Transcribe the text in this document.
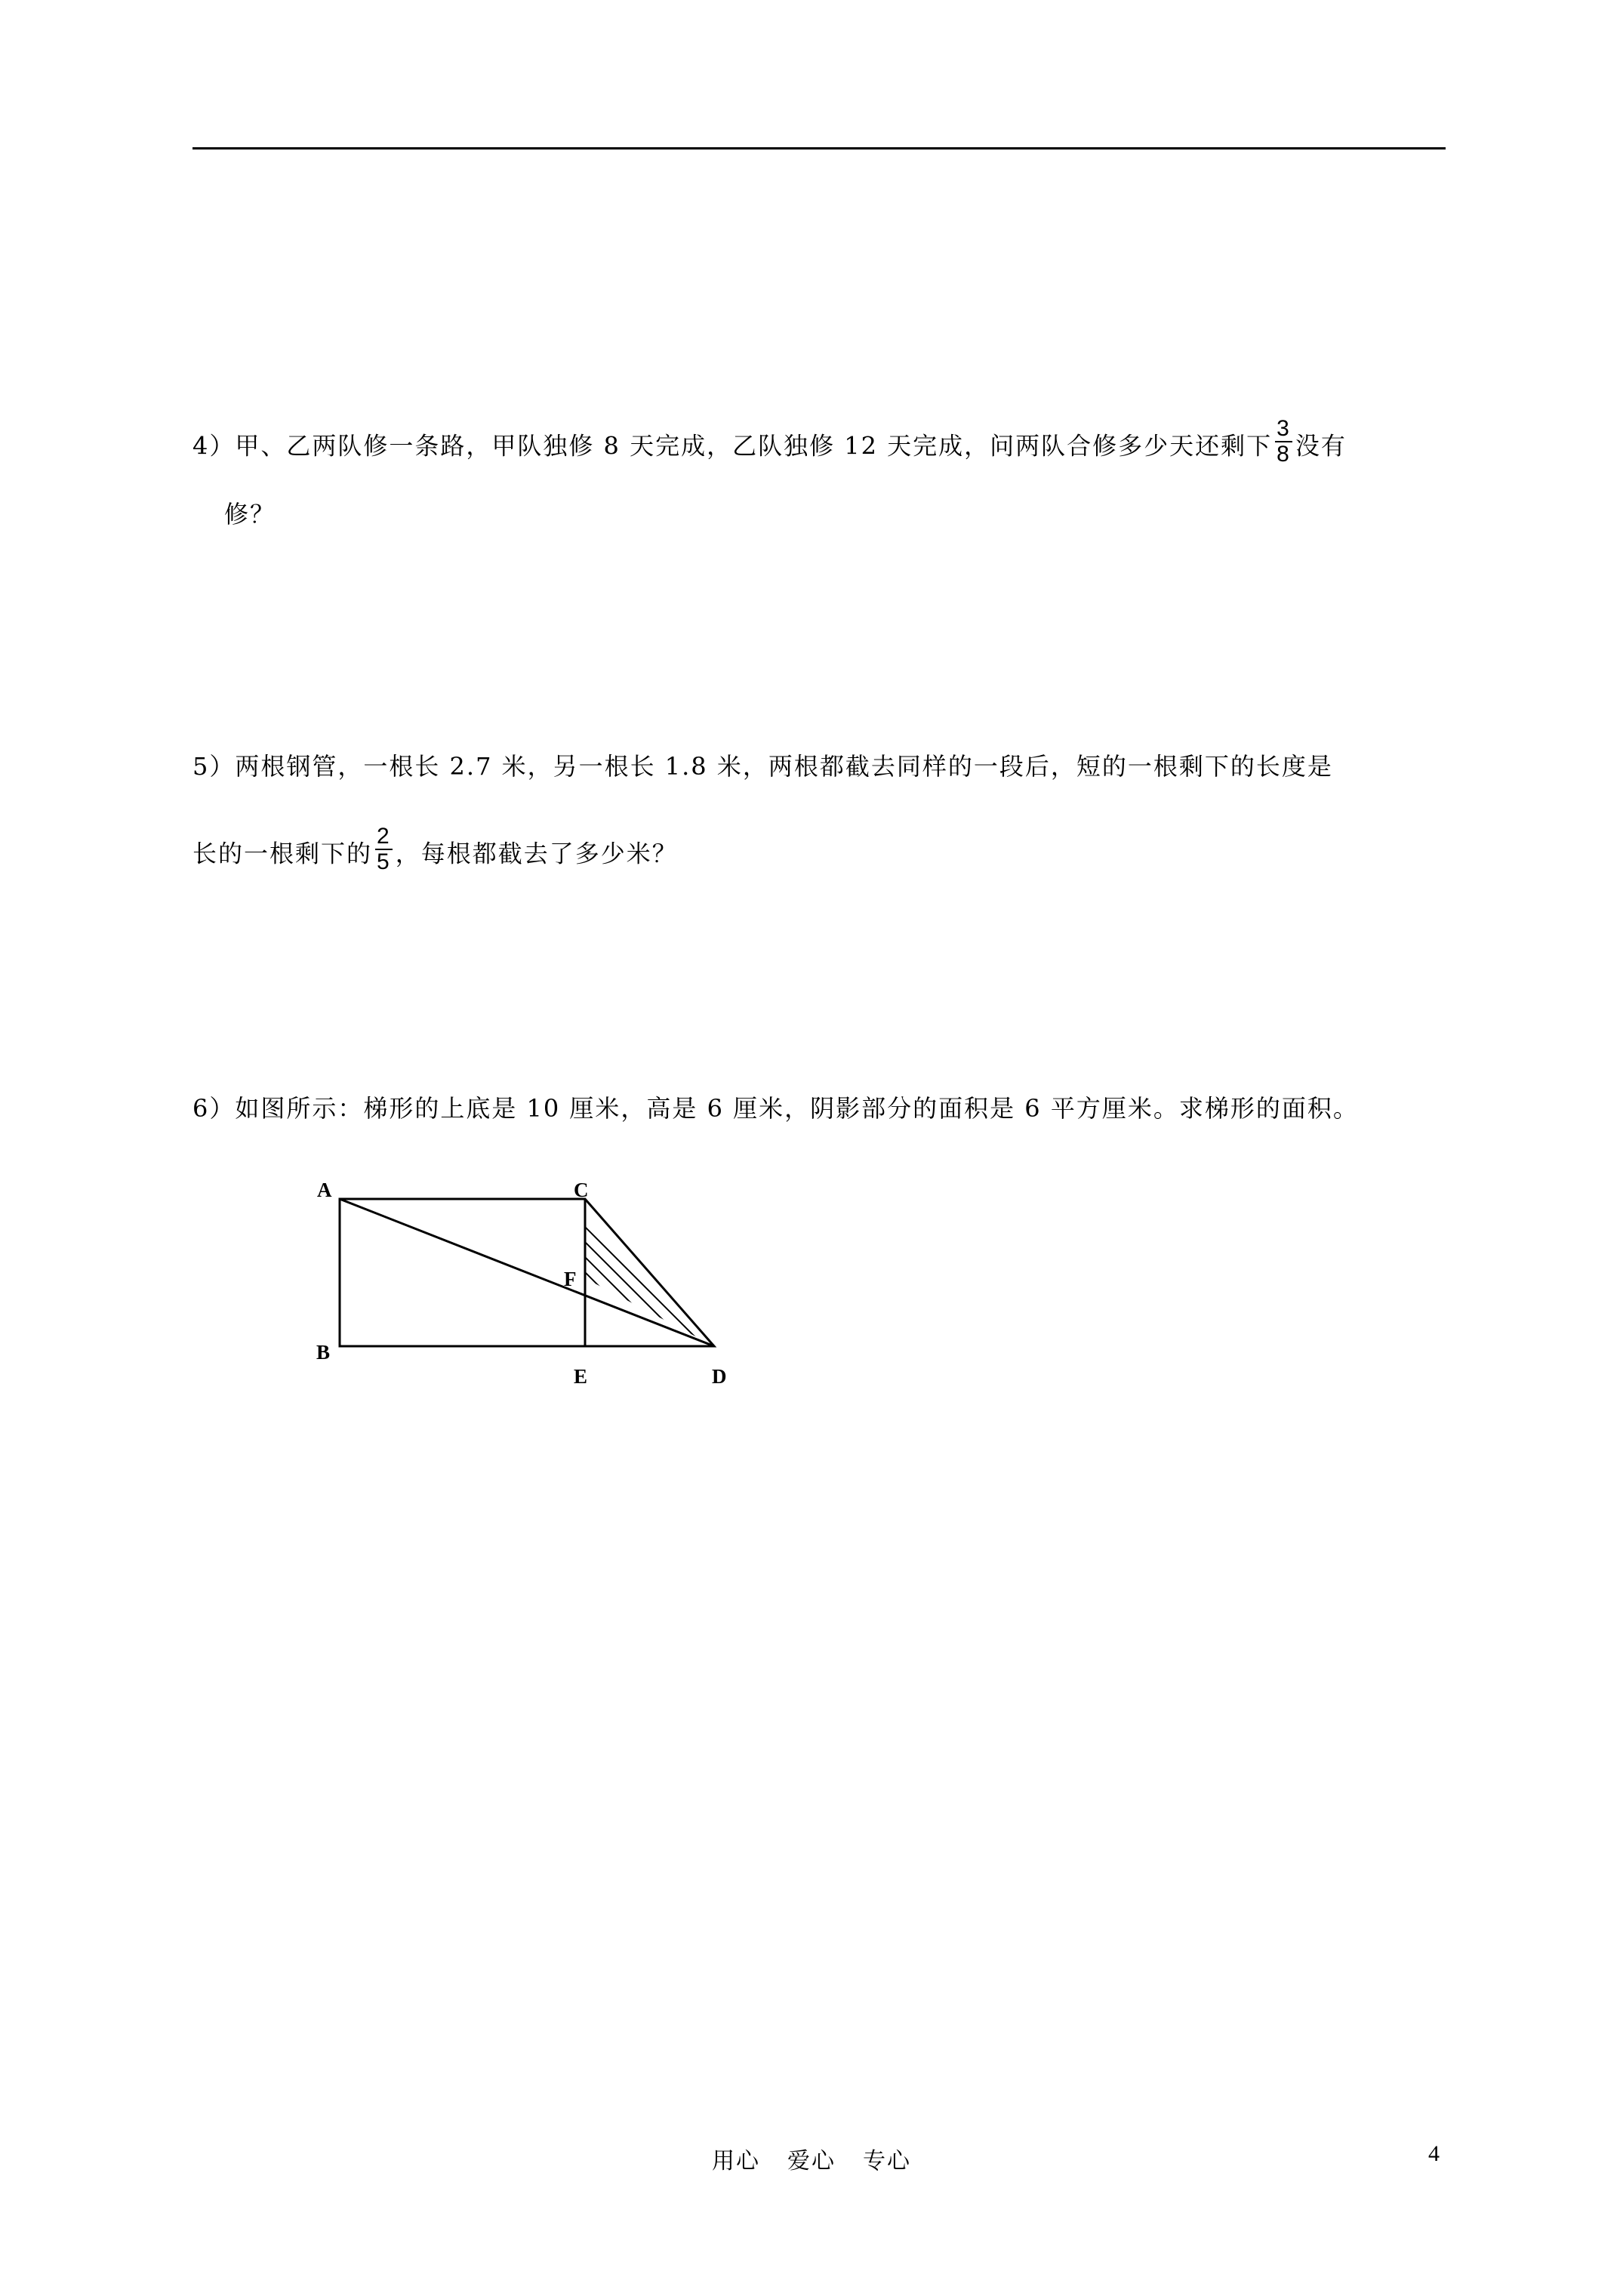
4）甲、乙两队修一条路，甲队独修 8 天完成，乙队独修 12 天完成，问两队合修多少天还剩下 $\frac{3}{8}$ 没有
修？
5）两根钢管，一根长 2.7 米，另一根长 1.8 米，两根都截去同样的一段后，短的一根剩下的长度是
长的一根剩下的 $\frac{2}{5}$ ，每根都截去了多少米？
6）如图所示：梯形的上底是 10 厘米，高是 6 厘米，阴影部分的面积是 6 平方厘米。求梯形的面积。
A
B
C
D
E
F
用心 爱心 专心	4
